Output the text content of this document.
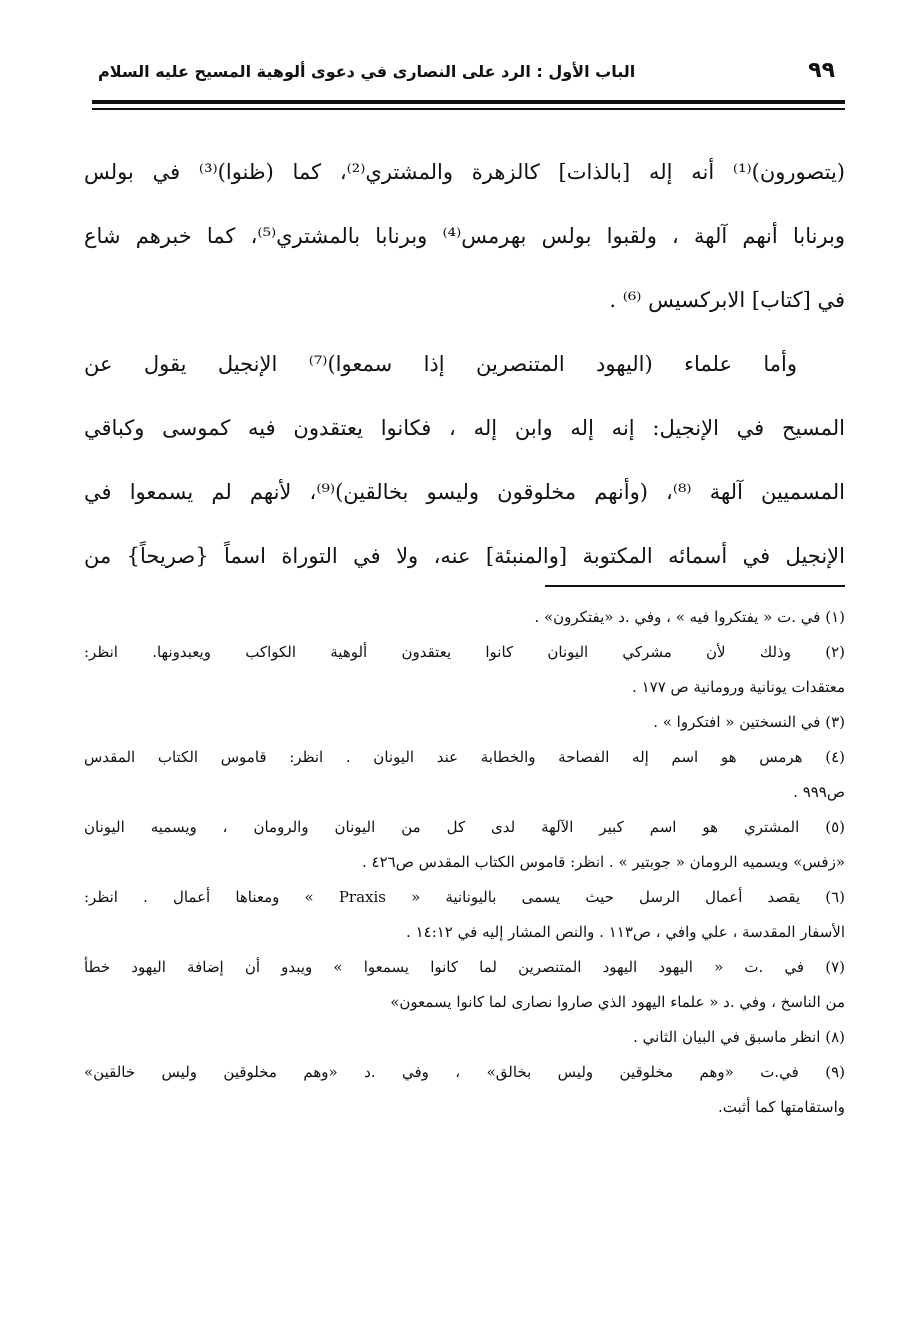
٩٩
الباب الأول : الرد على النصارى في دعوى ألوهية المسيح عليه السلام
(يتصورون)⁽¹⁾ أنه إله [بالذات] كالزهرة والمشتري⁽²⁾، كما (ظنوا)⁽³⁾ في بولس
وبرنابا أنهم آلهة ، ولقبوا بولس بهرمس⁽⁴⁾ وبرنابا بالمشتري⁽⁵⁾، كما خبرهم شاع
في [كتاب] الابركسيس ⁽⁶⁾ .
وأما علماء (اليهود المتنصرين إذا سمعوا)⁽⁷⁾ الإنجيل يقول عن
المسيح في الإنجيل: إنه إله وابن إله ، فكانوا يعتقدون فيه كموسى وكباقي
المسميين آلهة ⁽⁸⁾، (وأنهم مخلوقون وليسو بخالقين)⁽⁹⁾، لأنهم لم يسمعوا في
الإنجيل في أسمائه المكتوبة [والمنبئة] عنه، ولا في التوراة اسماً {صريحاً} من
(١) في .ت « يفتكروا فيه » ، وفي .د «يفتكرون» .
(٢) وذلك لأن مشركي اليونان كانوا يعتقدون ألوهية الكواكب ويعبدونها. انظر:
معتقدات يونانية ورومانية ص ١٧٧ .
(٣) في النسختين « افتكروا » .
(٤) هرمس هو اسم إله الفصاحة والخطابة عند اليونان . انظر: قاموس الكتاب المقدس
ص٩٩٩ .
(٥) المشتري هو اسم كبير الآلهة لدى كل من اليونان والرومان ، ويسميه اليونان
«زفس» ويسميه الرومان « جوبتير » . انظر: قاموس الكتاب المقدس ص٤٢٦ .
(٦) يقصد أعمال الرسل حيث يسمى باليونانية « Praxis » ومعناها أعمال . انظر:
الأسفار المقدسة ، علي وافي ، ص١١٣ . والنص المشار إليه في ١٤:١٢ .
(٧) في .ت « اليهود اليهود المتنصرين لما كانوا يسمعوا » ويبدو أن إضافة اليهود خطأ
من الناسخ ، وفي .د « علماء اليهود الذي صاروا نصارى لما كانوا يسمعون»
(٨) انظر ماسبق في البيان الثاني .
(٩) في.ت «وهم مخلوقين وليس بخالق» ، وفي .د «وهم مخلوقين وليس خالقين»
واستقامتها كما أثبت.
